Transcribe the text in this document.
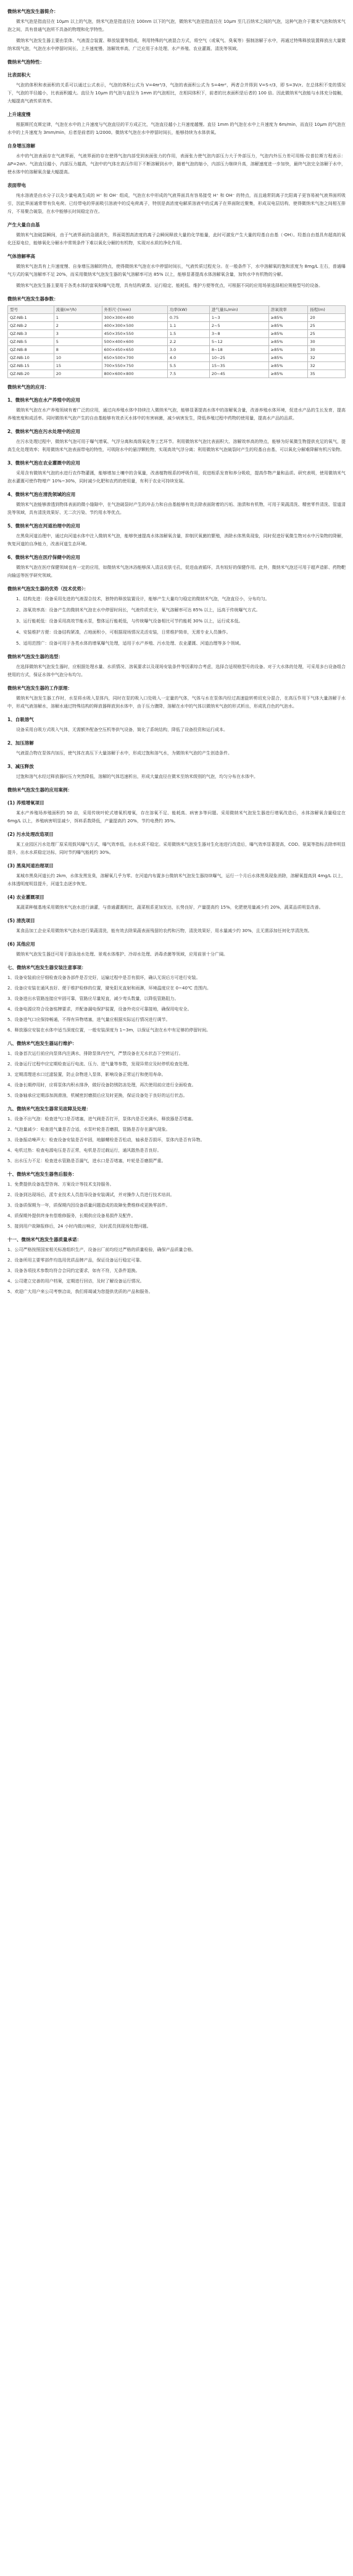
微纳米气泡发生器简介：
微米气泡是指直径在 10μm 以上的气泡，纳米气泡是指直径在 100nm 以下的气泡，微纳米气泡是指直径在 10μm 至几百纳米之间的气泡，这种气泡介于微米气泡和纳米气泡之间，具有普通气泡所不具备的物理和化学特性。
微纳米气泡发生器主要由泵体、气液混合装置、释放装置等组成，利用特殊的气液混合方式，将空气（或氧气、臭氧等）强制溶解于水中，再通过特殊释放装置释放出大量微纳米级气泡，气泡在水中停留时间长、上升速度慢、溶解效率高，广泛应用于水处理、水产养殖、农业灌溉、清洗等领域。
微纳米气泡特性：
比表面积大
气泡的体积和表面积的关系可以通过公式表示，气泡的体积公式为 V=4πr³/3，气泡的表面积公式为 S=4πr²，两者合并得到 V=S·r/3，即 S=3V/r。在总体积不变的情况下，气泡的半径越小，比表面积越大。直径为 10μm 的气泡与直径为 1mm 的气泡相比，在相同体积下，前者的比表面积是后者的 100 倍。因此微纳米气泡能与水体充分接触，大幅提高气液传质效率。
上升速度慢
根据斯托克斯定律，气泡在水中的上升速度与气泡直径的平方成正比，气泡直径越小上升速度越慢。直径 1mm 的气泡在水中上升速度为 6m/min，而直径 10μm 的气泡在水中的上升速度为 3mm/min，后者是前者的 1/2000。微纳米气泡在水中停留时间长，能够持续为水体供氧。
自身增压溶解
水中的气泡表面存在气液界面，气液界面的存在使得气泡内部受到表面张力的作用，表面张力使气泡内部压力大于外部压力，气泡内外压力差可用杨-拉普拉斯方程表示：ΔP=2σ/r。气泡直径越小，内部压力越高，气泡中的气体在高压作用下不断溶解到水中，随着气泡的缩小，内部压力继续升高，溶解速度进一步加快，最终气泡完全溶解于水中，使水体中的溶解氧含量大幅提高。
表面带电
纯水溶液是由水分子以及少量电离生成的 H⁺ 和 OH⁻ 组成，气泡在水中形成的气液界面具有容易接受 H⁺ 和 OH⁻ 的特点，而且通常阴离子比阳离子更容易被气液界面所吸引，因此界面通常带有负电荷。已经带电的界面吸引溶液中的反电荷离子，特别是高浓度电解质溶液中的反离子在界面附近聚集，形成双电层结构，使得微纳米气泡之间相互排斥，不易聚合破裂，在水中能够长时间稳定存在。
产生大量自由基
微纳米气泡破裂瞬间，由于气液界面的急剧消失，界面周围高浓度的离子会瞬间释放大量的化学能量，此时可激发产生大量的羟基自由基（·OH）。羟基自由基具有超高的氧化还原电位，能够氧化分解水中常规条件下难以氧化分解的有机物，实现对水质的净化作用。
气体溶解率高
微纳米气泡具有上升速度慢、自身增压溶解的特点，使得微纳米气泡在水中停留时间长，气液传质过程充分。在一般条件下，水中溶解氧的饱和浓度为 8mg/L 左右，普通曝气方式的氧气溶解率不足 20%，而采用微纳米气泡发生器的氧气溶解率可达 85% 以上，能够显著提高水体溶解氧含量，加快水中有机物的分解。
微纳米气泡发生器主要用于各类水体的富氧和曝气处理，具有结构紧凑、运行稳定、能耗低、维护方便等优点，可根据不同的应用场景选择相应规格型号的设备。
微纳米气泡发生器参数：
型号	流量(m³/h)	外形尺寸(mm)	功率(kW)	进气量(L/min)	溶氧效率	扬程(m)
QZ-NB-1	1	300×300×400	0.75	1~3	≥85%	20
QZ-NB-2	2	400×300×500	1.1	2~5	≥85%	25
QZ-NB-3	3	450×350×550	1.5	3~8	≥85%	25
QZ-NB-5	5	500×400×600	2.2	5~12	≥85%	30
QZ-NB-8	8	600×450×650	3.0	8~18	≥85%	30
QZ-NB-10	10	650×500×700	4.0	10~25	≥85%	32
QZ-NB-15	15	700×550×750	5.5	15~35	≥85%	32
QZ-NB-20	20	800×600×800	7.5	20~45	≥85%	35
微纳米气泡的应用：
1、微纳米气泡在水产养殖中的应用
微纳米气泡在水产养殖领域有着广泛的应用，通过向养殖水体中持续注入微纳米气泡，能够显著提高水体中的溶解氧含量，改善养殖水体环境，促进水产品的生长发育，提高养殖密度和成活率。同时微纳米气泡产生的自由基能够有效杀灭水体中的有害病菌，减少病害发生，降低养殖过程中药物的使用量，提高水产品的品质。
2、微纳米气泡在污水处理中的应用
在污水处理过程中，微纳米气泡可用于曝气增氧、气浮分离和高级氧化等工艺环节。利用微纳米气泡比表面积大、溶解效率高的特点，能够为好氧微生物提供充足的氧气，提高生化处理效率；利用微纳米气泡表面带电的特性，可吸附水中的悬浮颗粒物，实现高效气浮分离；利用微纳米气泡破裂时产生的羟基自由基，可以氧化分解难降解有机污染物。
3、微纳米气泡在农业灌溉中的应用
采用含有微纳米气泡的水进行农作物灌溉，能够增加土壤中的含氧量，改善植物根系的呼吸作用，促进根系发育和养分吸收，提高作物产量和品质。研究表明，使用微纳米气泡水灌溉可使作物增产 10%~30%，同时减少化肥和农药的使用量，有利于农业可持续发展。
4、微纳米气泡在清洗领域的应用
微纳米气泡能够渗透到物体表面的微小缝隙中，在气泡破裂时产生的冲击力和自由基能够有效去除表面附着的污垢、油渍和有机物，可用于果蔬清洗、精密零件清洗、管道清洗等领域，具有清洗效果好、无二次污染、节约用水等优点。
5、微纳米气泡在河道治理中的应用
在黑臭河道治理中，通过向河道水体中注入微纳米气泡，能够快速提高水体溶解氧含量，抑制厌氧菌的繁殖，消除水体黑臭现象，同时促进好氧微生物对水中污染物的降解，恢复河道的自净能力，改善河道生态环境。
6、微纳米气泡在医疗保健中的应用
微纳米气泡在医疗保健领域也有一定的应用，如微纳米气泡沐浴能够深入清洁皮肤毛孔，促进血液循环，具有较好的保健作用。此外，微纳米气泡还可用于超声造影、药物靶向输送等医学研究领域。
微纳米气泡发生器的优势（技术优势）：
1、结构先进：设备采用先进的气液混合技术，独特的释放装置设计，能够产生大量均匀稳定的微纳米气泡，气泡直径小，分布均匀。
2、溶氧效率高：设备产生的微纳米气泡在水中停留时间长，气液传质充分，氧气溶解率可达 85% 以上，远高于传统曝气方式。
3、运行能耗低：设备采用高效节能水泵，整体运行能耗低，与传统曝气设备相比可节约能耗 30% 以上，运行成本低。
4、安装维护方便：设备结构紧凑，占地面积小，可根据现场情况灵活安装，日常维护简单，无需专业人员操作。
5、适用范围广：设备可用于各类水体的增氧曝气处理，适用于水产养殖、污水处理、农业灌溉、河道治理等多个领域。
微纳米气泡发生器的选型：
在选择微纳米气泡发生器时，应根据处理水量、水质情况、溶氧要求以及现场安装条件等因素综合考虑，选择合适规格型号的设备。对于大水体的处理，可采用多台设备组合使用的方式，保证水体中气泡分布均匀。
微纳米气泡发生器的工作原理：
微纳米气泡发生器工作时，水泵将水吸入泵体内，同时在泵的吸入口处吸入一定量的气体，气体与水在泵体内经过高速旋转剪切充分混合，在高压作用下气体大量溶解于水中，形成气液溶解水，溶解水通过特殊结构的释放器释放到水体中，由于压力骤降，溶解在水中的气体以微纳米气泡的形式析出，形成乳白色的气泡水。
1、自吸溶气
设备采用自吸方式吸入气体，无需额外配备空压机等供气设备，简化了系统结构，降低了设备投资和运行成本。
2、加压溶解
气液混合物在泵体内加压，使气体在高压下大量溶解于水中，形成过饱和溶气水，为微纳米气泡的产生创造条件。
3、减压释放
过饱和溶气水经过释放器时压力突然降低，溶解的气体迅速析出，形成大量直径在微米至纳米级别的气泡，均匀分布在水体中。
微纳米气泡发生器的应用案例：
(1) 养殖增氧项目
某水产养殖场养殖面积约 50 亩，采用传统叶轮式增氧机增氧，存在溶氧不足、能耗高、病害多等问题。采用微纳米气泡发生器进行增氧改造后，水体溶解氧含量稳定在 6mg/L 以上，养殖病害明显减少，饵料系数降低，产量提高约 20%，节约电费约 35%。
(2) 污水处理改造项目
某工业园区污水处理厂原采用鼓风曝气方式，曝气效率低，出水水质不稳定。采用微纳米气泡发生器对生化池进行改造后，曝气效率显著提高，COD、氨氮等指标去除率明显提升，出水水质稳定达标，同时节约曝气能耗约 30%。
(3) 黑臭河道治理项目
某城市黑臭河道长约 2km，水体发黑发臭，溶解氧几乎为零。在河道内布置多台微纳米气泡发生器持续曝气，运行一个月后水体黑臭现象消除，溶解氧提高到 4mg/L 以上，水体透明度明显提升，河道生态逐步恢复。
(4) 农业灌溉项目
某蔬菜种植基地采用微纳米气泡水进行滴灌，与普通灌溉相比，蔬菜根系更加发达，长势良好，产量提高约 15%，化肥使用量减少约 20%，蔬菜品质明显改善。
(5) 清洗项目
某食品加工企业采用微纳米气泡水进行果蔬清洗，能有效去除果蔬表面残留的农药和污物，清洗效果好，用水量减少约 30%，且无需添加任何化学清洗剂。
(6) 其他应用
微纳米气泡发生器还可用于游泳池水处理、景观水体维护、冷却水处理、消毒杀菌等领域，应用前景十分广阔。
七、微纳米气泡发生器安装注意事项：
1、设备安装前应仔细检查设备各部件是否完好，运输过程中是否有损坏，确认无误后方可进行安装。
2、设备应安装在通风良好、便于维护检修的位置，避免阳光直射和雨淋，环境温度应在 0~40℃ 范围内。
3、设备进出水管路连接应牢固可靠，管路应尽量短直，减少弯头数量，以降低管路阻力。
4、设备电源应符合设备铭牌要求，并配备漏电保护装置，设备外壳应可靠接地，确保用电安全。
5、设备进气口应保持畅通，不得有异物堵塞，进气量应根据实际运行情况进行调节。
6、释放器应安装在水体中适当深度位置，一般安装深度为 1~3m，以保证气泡在水中有足够的停留时间。
八、微纳米气泡发生器运行维护：
1、设备首次运行前应向泵体内注满水，排除泵体内空气，严禁设备在无水状态下空转运行。
2、设备运行过程中应定期检查运行电流、压力、进气量等参数，发现异常应及时停机检查处理。
3、定期清理进水口过滤装置，防止杂物进入泵体，影响设备正常运行和使用寿命。
4、设备长期停用时，应将泵体内积水排净，做好设备防锈防冻处理，再次使用前应进行全面检查。
5、设备轴承应定期添加润滑油，机械密封磨损后应及时更换，保证设备处于良好的运行状态。
九、微纳米气泡发生器常见故障及处理：
1、设备不出气泡：检查进气口是否堵塞，进气阀是否打开，泵体内是否充满水，释放器是否堵塞。
2、气泡量减少：检查进气量是否合适，水泵叶轮是否磨损，管路是否存在漏气现象。
3、设备振动噪声大：检查设备安装是否牢固，地脚螺栓是否松动，轴承是否损坏，泵体内是否有异物。
4、电机过热：检查电源电压是否正常，电机是否过载运行，通风散热是否良好。
5、出水压力不足：检查进水管路是否漏气，进水口是否堵塞，叶轮是否磨损严重。
十、微纳米气泡发生器售后服务：
1、免费提供设备选型咨询、方案设计等技术支持服务。
2、设备到达现场后，派专业技术人员指导设备安装调试，并对操作人员进行技术培训。
3、设备质保期为一年，质保期内因设备质量问题造成的故障免费维修或更换零部件。
4、质保期外提供终身有偿维修服务，长期供应设备易损件及配件。
5、接到用户故障报修后，24 小时内做出响应，及时派员到现场处理问题。
十一、微纳米气泡发生器质量承诺：
1、公司严格按照国家相关标准组织生产，设备出厂前均经过严格的质量检验，确保产品质量合格。
2、设备所用主要零部件均选用优质品牌产品，保证设备运行稳定可靠。
3、设备各项技术参数均符合合同约定要求，如有不符，无条件退换。
4、公司建立完善的用户档案，定期进行回访，及时了解设备运行情况。
5、欢迎广大用户来公司考察洽谈，我们将竭诚为您提供优质的产品和服务。
